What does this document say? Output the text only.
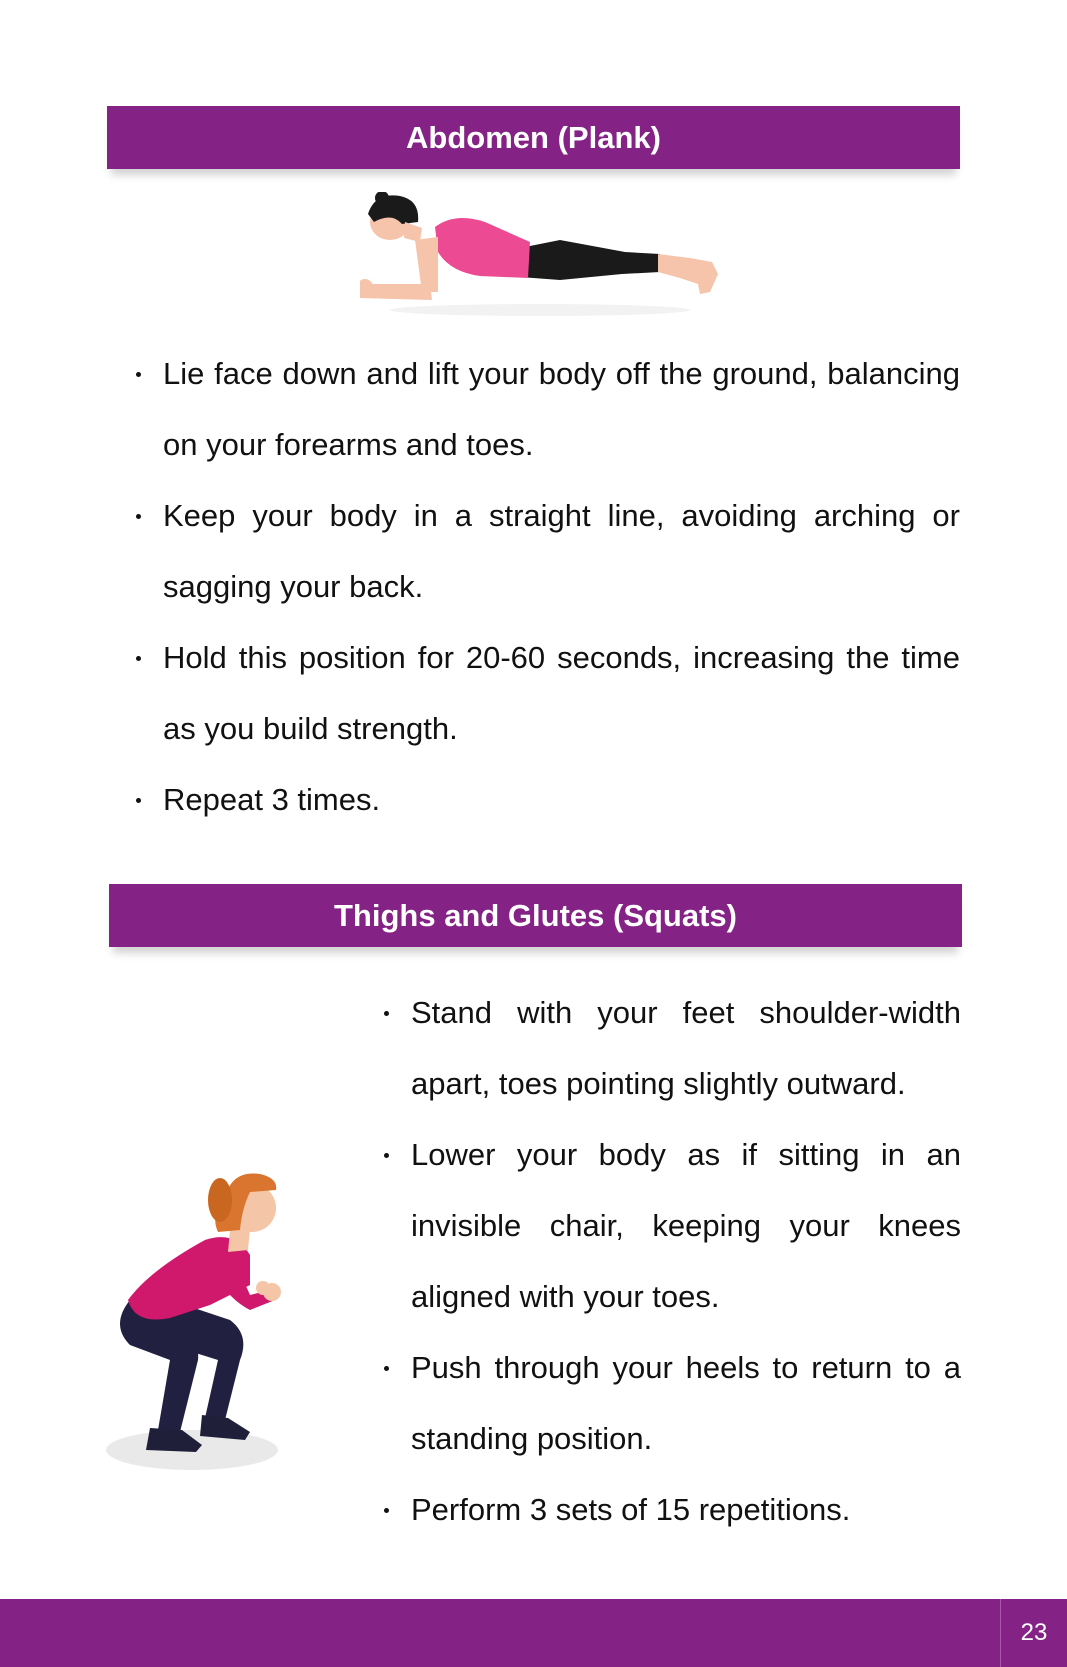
Abdomen (Plank)
Lie face down and lift your body off the ground, balancing on your forearms and toes.
Keep your body in a straight line, avoiding arching or sagging your back.
Hold this position for 20-60 seconds, increasing the time as you build strength.
Repeat 3 times.
Thighs and Glutes (Squats)
Stand with your feet shoulder-width apart, toes pointing slightly outward.
Lower your body as if sitting in an invisible chair, keeping your knees aligned with your toes.
Push through your heels to return to a standing position.
Perform 3 sets of 15 repetitions.
23
